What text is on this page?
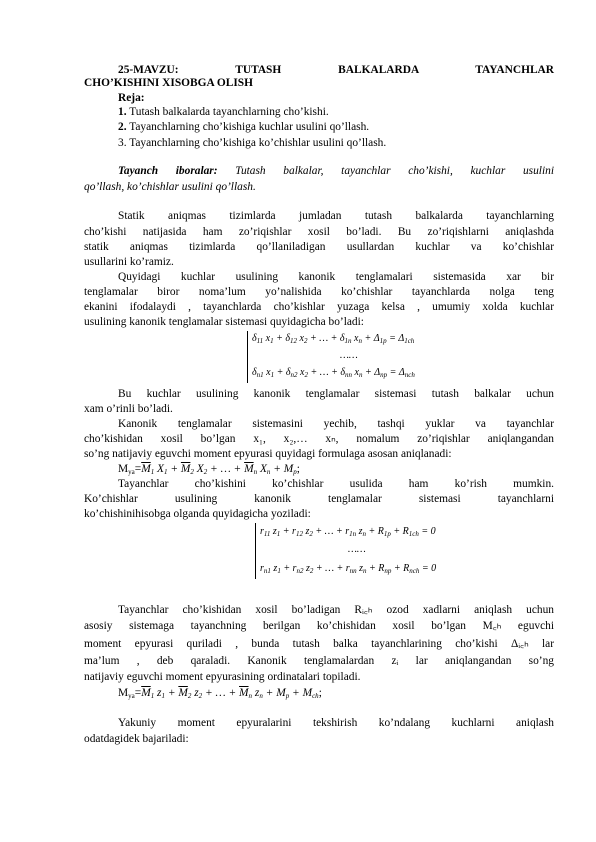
25-MAVZU: TUTASH BALKALARDA TAYANCHLAR
CHO’KISHINI XISOBGA OLISH
Reja:
1. Tutash balkalarda tayanchlarning cho’kishi.
2. Tayanchlarning cho’kishiga kuchlar usulini qo’llash.
3. Tayanchlarning cho’kishiga ko’chishlar usulini qo’llash.
Tayanch iboralar: Tutash balkalar, tayanchlar cho’kishi, kuchlar usulini
qo’llash, ko’chishlar usulini qo’llash.
Statik aniqmas tizimlarda jumladan tutash balkalarda tayanchlarning
cho’kishi natijasida ham zo’riqishlar xosil bo’ladi. Bu zo’riqishlarni aniqlashda
statik aniqmas tizimlarda qo’llaniladigan usullardan kuchlar va ko’chishlar
usullarini ko’ramiz.
Quyidagi kuchlar usulining kanonik tenglamalari sistemasida xar bir
tenglamalar biror noma’lum yo’nalishida ko’chishlar tayanchlarda nolga teng
ekanini ifodalaydi , tayanchlarda cho’kishlar yuzaga kelsa , umumiy xolda kuchlar
usulining kanonik tenglamalar sistemasi quyidagicha bo’ladi:
$\delta_{11}$ $x_1 + \delta_{12}$ $x_2$ + … + $\delta_{1n}$ $x_n + \Delta_{1p} = \Delta_{1ch}$
……
$\delta_{n1}$ $x_1 + \delta_{n2}$ $x_2$ + … + $\delta_{nn}$ $x_n + \Delta_{np} = \Delta_{nch}$
Bu kuchlar usulining kanonik tenglamalar sistemasi tutash balkalar uchun
xam o’rinli bo’ladi.
Kanonik tenglamalar sistemasini yechib, tashqi yuklar va tayanchlar
cho’kishidan xosil bo’lgan x₁, x₂,… xₙ, nomalum zo’riqishlar aniqlangandan
so’ng natijaviy eguvchi moment epyurasi quyidagi formulaga asosan aniqlanadi:
$M_{ya}=\overline{M}_1$ $X_1 + \overline{M}_2$ $X_2$ + … + $\overline{M}_n$ $X_n + M_p$;
Tayanchlar cho’kishini ko’chishlar usulida ham ko’rish mumkin.
Ko’chishlar usulining kanonik tenglamalar sistemasi tayanchlarni
ko’chishinihisobga olganda quyidagicha yoziladi:
$r_{11}$ $z_1 + r_{12}$ $z_2$ + … + $r_{1n}$ $z_n + R_{1p} + R_{1ch} = 0$
……
$r_{n1}$ $z_1 + r_{n2}$ $z_2$ + … + $r_{nn}$ $z_n + R_{np} + R_{nch} = 0$
Tayanchlar cho’kishidan xosil bo’ladigan Rᵢ꜀ₕ ozod xadlarni aniqlash uchun
asosiy sistemaga tayanchning berilgan ko’chishidan xosil bo’lgan M꜀ₕ eguvchi
moment epyurasi quriladi , bunda tutash balka tayanchlarining cho’kishi Δᵢ꜀ₕ lar
ma’lum , deb qaraladi. Kanonik tenglamalardan zᵢ lar aniqlangandan so’ng
natijaviy eguvchi moment epyurasining ordinatalari topiladi.
$M_{ya}=\overline{M}_1$ $z_1 + \overline{M}_2$ $z_2$ + … + $\overline{M}_n$ $z_n + M_p + M_{ch}$;
Yakuniy moment epyuralarini tekshirish ko’ndalang kuchlarni aniqlash
odatdagidek bajariladi:
